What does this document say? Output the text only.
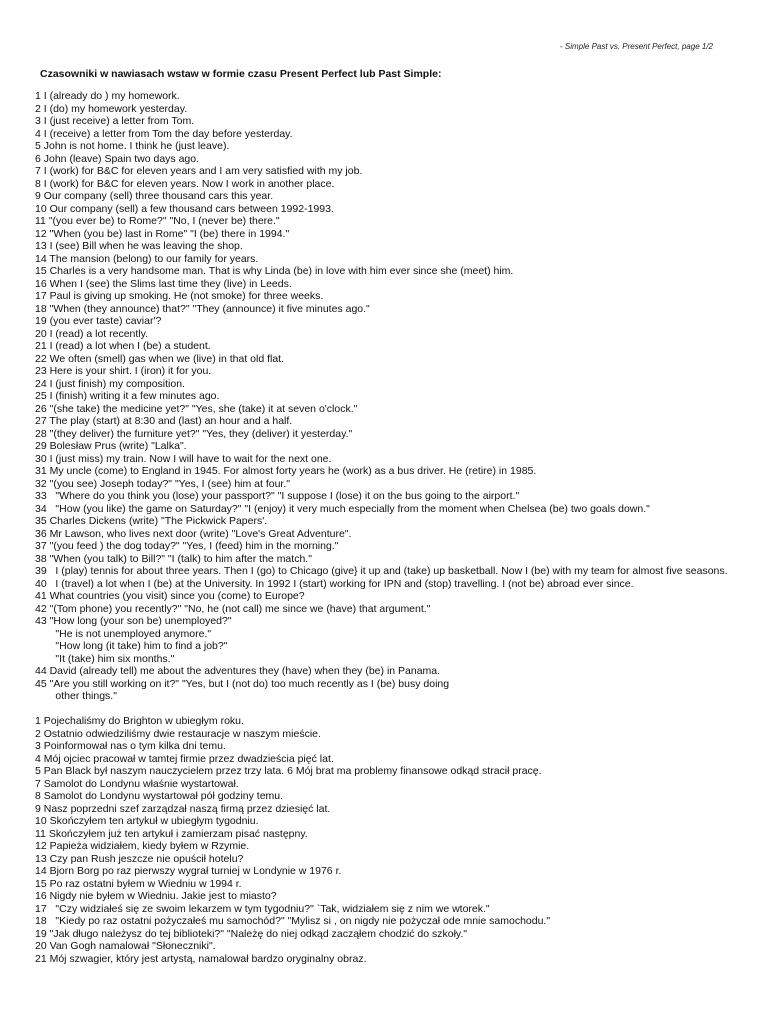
- Simple Past vs. Present Perfect, page 1/2
Czasowniki w nawiasach wstaw w formie czasu Present Perfect lub Past Simple:
1 I (already do ) my homework.
2 I (do) my homework yesterday.
3 I (just receive) a letter from Tom.
4 I (receive) a letter from Tom the day before yesterday.
5 John is not home. I think he (just leave).
6 John (leave) Spain two days ago.
7 I (work) for B&C for eleven years and I am very satisfied with my job.
8 I (work) for B&C for eleven years. Now I work in another place.
9 Our company (sell) three thousand cars this year.
10 Our company (sell) a few thousand cars between 1992-1993.
11 "(you ever be) to Rome?" "No, I (never be) there."
12 "When (you be) last in Rome" "I (be) there in 1994."
13 I (see) Bill when he was leaving the shop.
14 The mansion (belong) to our family for years.
15 Charles is a very handsome man. That is why Linda (be) in love with him ever since she (meet) him.
16 When I (see) the Slims last time they (live) in Leeds.
17 Paul is giving up smoking. He (not smoke) for three weeks.
18 "When (they announce) that?" "They (announce) it five minutes ago."
19 (you ever taste) caviar'?
20 I (read) a lot recently.
21 I (read) a lot when I (be) a student.
22 We often (smell) gas when we (live) in that old flat.
23 Here is your shirt. I (iron) it for you.
24 I (just finish) my composition.
25 I (finish) writing it a few minutes ago.
26 "(she take) the medicine yet?" "Yes, she (take) it at seven o'clock."
27 The play (start) at 8:30 and (last) an hour and a half.
28 "(they deliver) the furniture yet?" "Yes, they (deliver) it yesterday."
29 Bolesław Prus (write) "Lalka".
30 I (just miss) my train. Now I will have to wait for the next one.
31 My uncle (come) to England in 1945. For almost forty years he (work) as a bus driver. He (retire) in 1985.
32 "(you see) Joseph today?" "Yes, I (see) him at four."
33   "Where do you think you (lose) your passport?" "I suppose I (lose) it on the bus going to the airport."
34   "How (you like) the game on Saturday?" "I (enjoy) it very much especially from the moment when Chelsea (be) two goals down."
35 Charles Dickens (write) "The Pickwick Papers'.
36 Mr Lawson, who lives next door (write) "Love's Great Adventure".
37 "(you feed ) the dog today?" "Yes, I (feed) him in the morning."
38 "When (you talk) to Bill?" "I (talk) to him after the match."
39   I (play) tennis for about three years. Then I (go) to Chicago (give} it up and (take) up basketball. Now I (be) with my team for almost five seasons.
40   I (travel) a lot when I (be) at the University. In 1992 I (start) working for IPN and (stop) travelling. I (not be) abroad ever since.
41 What countries (you visit) since you (come) to Europe?
42 "(Tom phone) you recently?" "No, he (not call) me since we (have) that argument."
43 "How long (your son be) unemployed?"
"He is not unemployed anymore."
"How long (it take) him to find a job?"
"It (take) him six months."
44 David (already tell) me about the adventures they (have) when they (be) in Panama.
45 "Are you still working on it?" "Yes, but I (not do) too much recently as I (be) busy doing
other things."
1 Pojechaliśmy do Brighton w ubiegłym roku.
2 Ostatnio odwiedziliśmy dwie restauracje w naszym mieście.
3 Poinformował nas o tym kilka dni temu.
4 Mój ojciec pracował w tamtej firmie przez dwadzieścia pięć lat.
5 Pan Black był naszym nauczycielem przez trzy lata. 6 Mój brat ma problemy finansowe odkąd stracił pracę.
7 Samolot do Londynu właśnie wystartował.
8 Samolot do Londynu wystartował pół godziny temu.
9 Nasz poprzedni szef zarządzał naszą firmą przez dziesięć lat.
10 Skończyłem ten artykuł w ubiegłym tygodniu.
11 Skończyłem już ten artykuł i zamierzam pisać następny.
12 Papieża widziałem, kiedy byłem w Rzymie.
13 Czy pan Rush jeszcze nie opuścił hotelu?
14 Bjorn Borg po raz pierwszy wygrał turniej w Londynie w 1976 r.
15 Po raz ostatni byłem w Wiedniu w 1994 r.
16 Nigdy nie byłem w Wiedniu. Jakie jest to miasto?
17   "Czy widziałeś się ze swoim lekarzem w tym tygodniu?" `Tak, widziałem się z nim we wtorek."
18   "Kiedy po raz ostatni pożyczałeś mu samochód?" "Mylisz si , on nigdy nie pożyczał ode mnie samochodu."
19 "Jak długo należysz do tej biblioteki?" "Należę do niej odkąd zacząłem chodzić do szkoły."
20 Van Gogh namalował "Słoneczniki".
21 Mój szwagier, który jest artystą, namalował bardzo oryginalny obraz.
